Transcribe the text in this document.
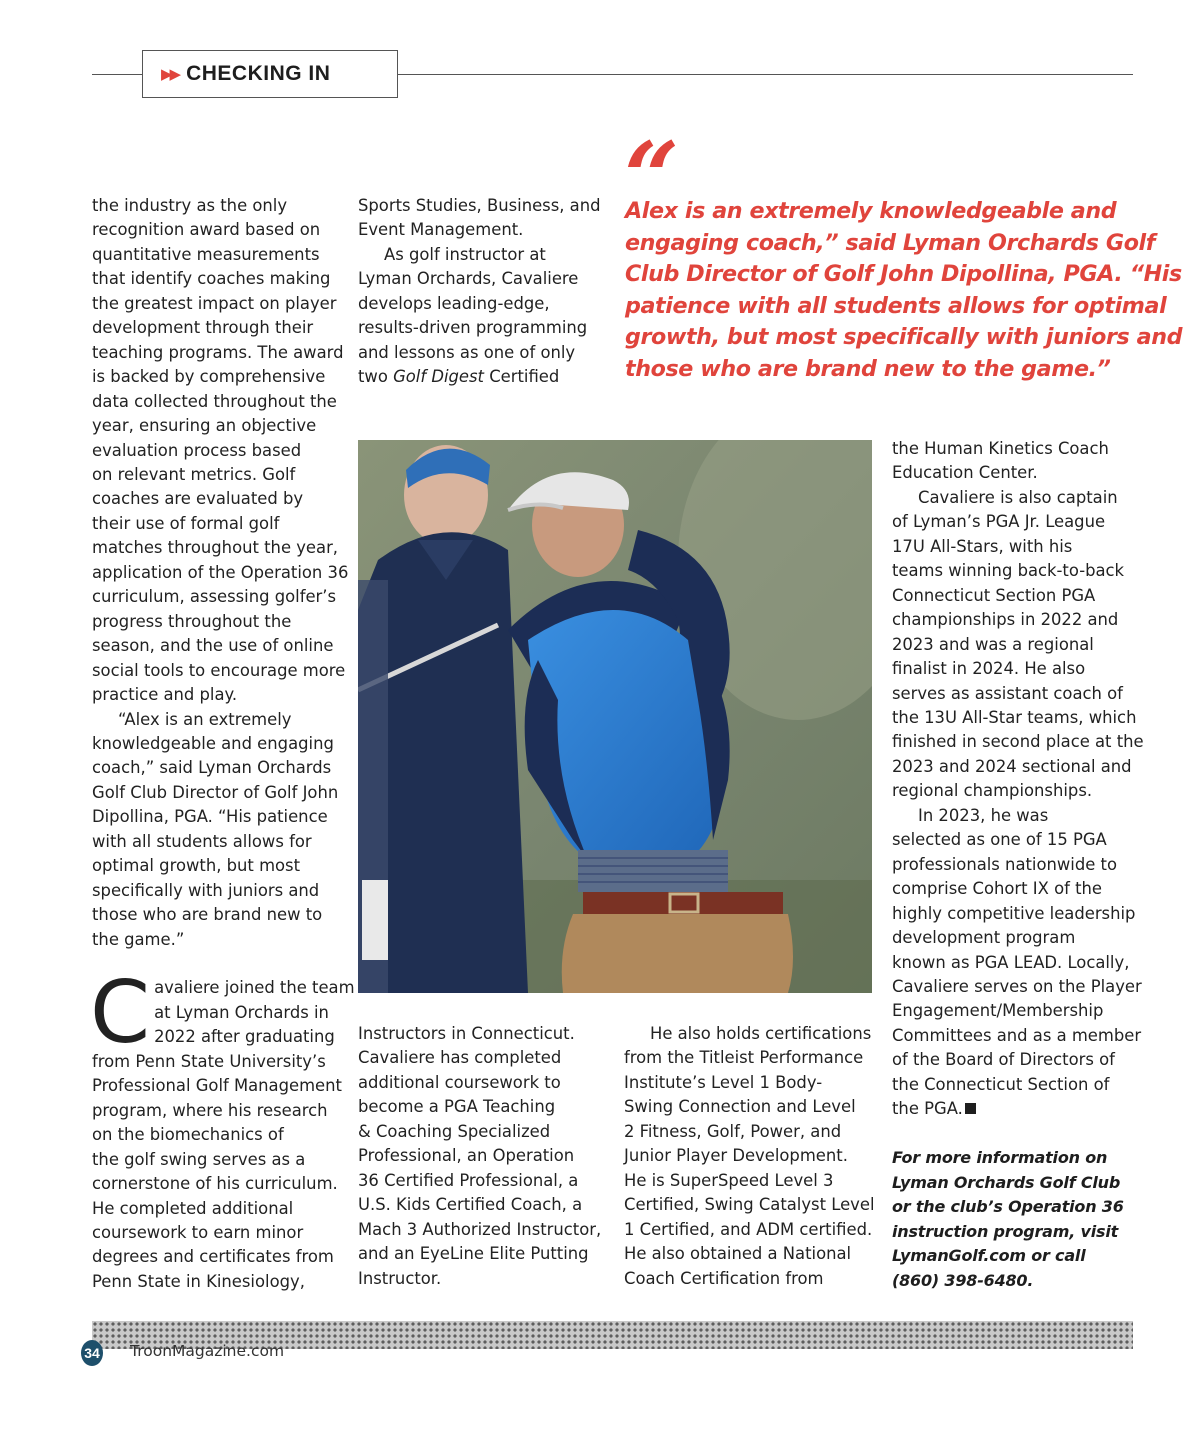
▶▶ CHECKING IN
the industry as the only
recognition award based on
quantitative measurements
that identify coaches making
the greatest impact on player
development through their
teaching programs. The award
is backed by comprehensive
data collected throughout the
year, ensuring an objective
evaluation process based
on relevant metrics. Golf
coaches are evaluated by
their use of formal golf
matches throughout the year,
application of the Operation 36
curriculum, assessing golfer’s
progress throughout the
season, and the use of online
social tools to encourage more
practice and play.
“Alex is an extremely
knowledgeable and engaging
coach,” said Lyman Orchards
Golf Club Director of Golf John
Dipollina, PGA. “His patience
with all students allows for
optimal growth, but most
specifically with juniors and
those who are brand new to
the game.”
C avaliere joined the team
at Lyman Orchards in
2022 after graduating
from Penn State University’s
Professional Golf Management
program, where his research
on the biomechanics of
the golf swing serves as a
cornerstone of his curriculum.
He completed additional
coursework to earn minor
degrees and certificates from
Penn State in Kinesiology,
Sports Studies, Business, and
Event Management.
As golf instructor at
Lyman Orchards, Cavaliere
develops leading-edge,
results-driven programming
and lessons as one of only
two Golf Digest Certified
Instructors in Connecticut.
Cavaliere has completed
additional coursework to
become a PGA Teaching
& Coaching Specialized
Professional, an Operation
36 Certified Professional, a
U.S. Kids Certified Coach, a
Mach 3 Authorized Instructor,
and an EyeLine Elite Putting
Instructor.
“
Alex is an extremely knowledgeable and
engaging coach,” said Lyman Orchards Golf
Club Director of Golf John Dipollina, PGA. “His
patience with all students allows for optimal
growth, but most specifically with juniors and
those who are brand new to the game.”
He also holds certifications
from the Titleist Performance
Institute’s Level 1 Body-
Swing Connection and Level
2 Fitness, Golf, Power, and
Junior Player Development.
He is SuperSpeed Level 3
Certified, Swing Catalyst Level
1 Certified, and ADM certified.
He also obtained a National
Coach Certification from
the Human Kinetics Coach
Education Center.
Cavaliere is also captain
of Lyman’s PGA Jr. League
17U All-Stars, with his
teams winning back-to-back
Connecticut Section PGA
championships in 2022 and
2023 and was a regional
finalist in 2024. He also
serves as assistant coach of
the 13U All-Star teams, which
finished in second place at the
2023 and 2024 sectional and
regional championships.
In 2023, he was
selected as one of 15 PGA
professionals nationwide to
comprise Cohort IX of the
highly competitive leadership
development program
known as PGA LEAD. Locally,
Cavaliere serves on the Player
Engagement/Membership
Committees and as a member
of the Board of Directors of
the Connecticut Section of
the PGA.
For more information on
Lyman Orchards Golf Club
or the club’s Operation 36
instruction program, visit
LymanGolf.com or call
(860) 398-6480.
34 TroonMagazine.com
